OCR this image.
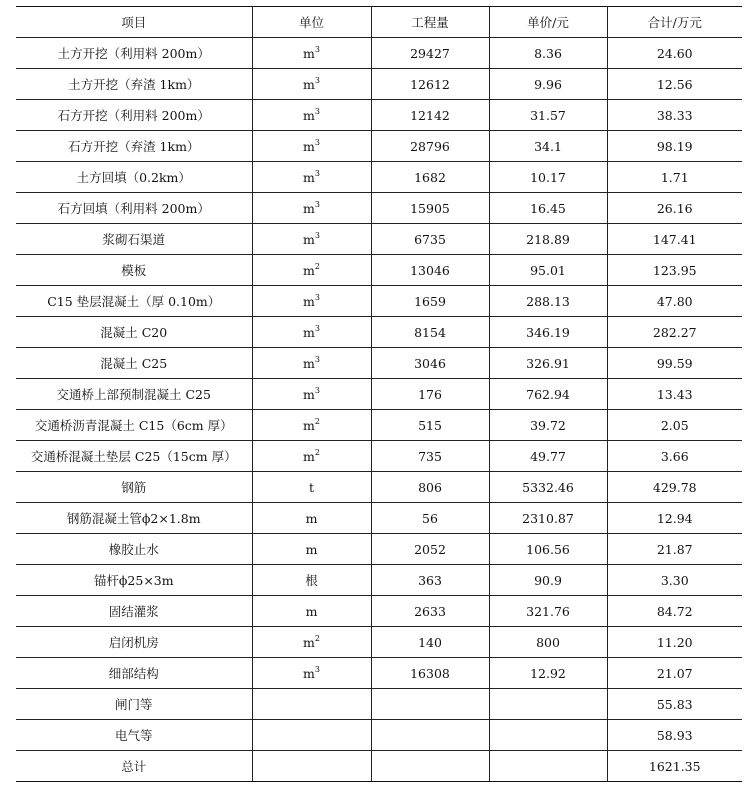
项目	单位	工程量	单价/元	合计/万元
土方开挖（利用料 200m）	$m^3$	29427	8.36	24.60
土方开挖（弃渣 1km）	$m^3$	12612	9.96	12.56
石方开挖（利用料 200m）	$m^3$	12142	31.57	38.33
石方开挖（弃渣 1km）	$m^3$	28796	34.1	98.19
土方回填（0.2km）	$m^3$	1682	10.17	1.71
石方回填（利用料 200m）	$m^3$	15905	16.45	26.16
浆砌石渠道	$m^3$	6735	218.89	147.41
模板	$m^2$	13046	95.01	123.95
C15 垫层混凝土（厚 0.10m）	$m^3$	1659	288.13	47.80
混凝土 C20	$m^3$	8154	346.19	282.27
混凝土 C25	$m^3$	3046	326.91	99.59
交通桥上部预制混凝土 C25	$m^3$	176	762.94	13.43
交通桥沥青混凝土 C15（6cm 厚）	$m^2$	515	39.72	2.05
交通桥混凝土垫层 C25（15cm 厚）	$m^2$	735	49.77	3.66
钢筋	t	806	5332.46	429.78
钢筋混凝土管ϕ2×1.8m	m	56	2310.87	12.94
橡胶止水	m	2052	106.56	21.87
锚杆ϕ25×3m	根	363	90.9	3.30
固结灌浆	m	2633	321.76	84.72
启闭机房	$m^2$	140	800	11.20
细部结构	$m^3$	16308	12.92	21.07
闸门等				55.83
电气等				58.93
总计				1621.35
